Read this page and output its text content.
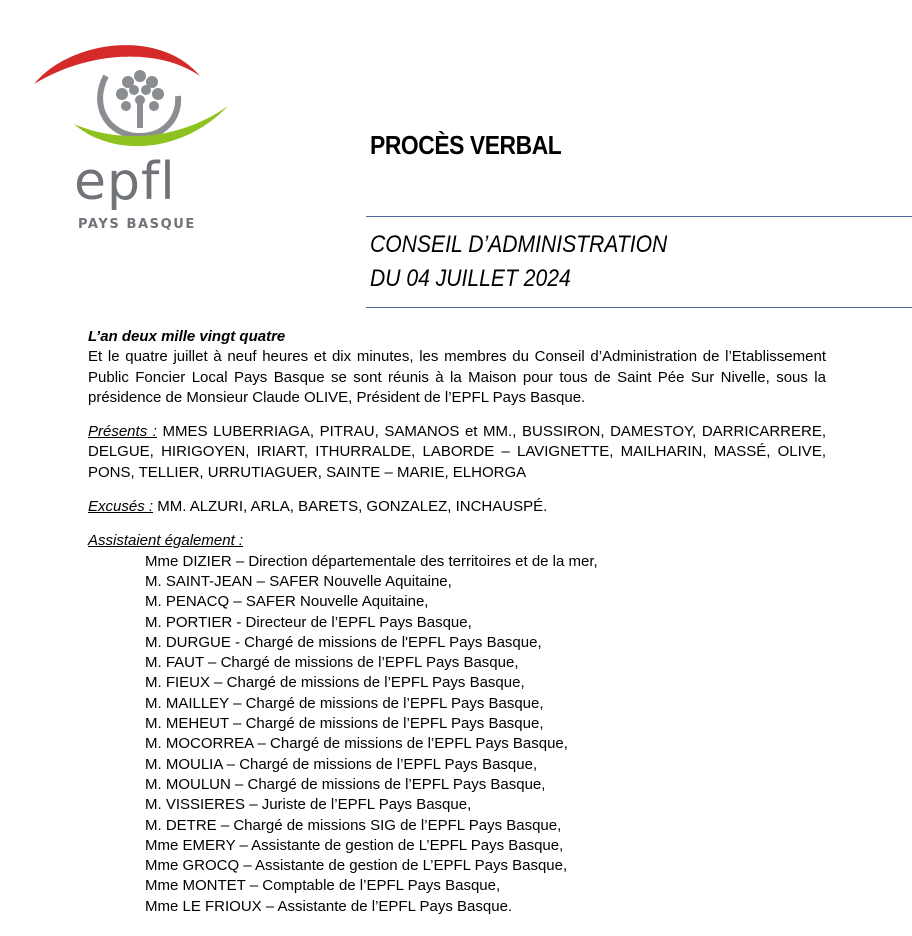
epfl
PAYS BASQUE
PROCÈS VERBAL
CONSEIL D’ADMINISTRATION
DU 04 JUILLET 2024

L’an deux mille vingt quatre

Et le quatre juillet à neuf heures et dix minutes, les membres du Conseil d’Administration de l’Etablissement Public Foncier Local Pays Basque se sont réunis à la Maison pour tous de Saint Pée Sur Nivelle, sous la présidence de Monsieur Claude OLIVE, Président de l’EPFL Pays Basque.

Présents : MMES LUBERRIAGA, PITRAU, SAMANOS et MM., BUSSIRON, DAMESTOY, DARRICARRERE, DELGUE, HIRIGOYEN, IRIART, ITHURRALDE, LABORDE – LAVIGNETTE, MAILHARIN, MASSÉ, OLIVE, PONS, TELLIER, URRUTIAGUER, SAINTE – MARIE, ELHORGA

Excusés : MM. ALZURI, ARLA, BARETS, GONZALEZ, INCHAUSPÉ.

Assistaient également :

Mme DIZIER – Direction départementale des territoires et de la mer,
M. SAINT-JEAN – SAFER Nouvelle Aquitaine,
M. PENACQ – SAFER Nouvelle Aquitaine,
M. PORTIER - Directeur de l’EPFL Pays Basque,
M. DURGUE - Chargé de missions de l'EPFL Pays Basque,
M. FAUT – Chargé de missions de l’EPFL Pays Basque,
M. FIEUX – Chargé de missions de l’EPFL Pays Basque,
M. MAILLEY – Chargé de missions de l’EPFL Pays Basque,
M. MEHEUT – Chargé de missions de l’EPFL Pays Basque,
M. MOCORREA – Chargé de missions de l’EPFL Pays Basque,
M. MOULIA – Chargé de missions de l’EPFL Pays Basque,
M. MOULUN – Chargé de missions de l’EPFL Pays Basque,
M. VISSIERES – Juriste de l’EPFL Pays Basque,
M. DETRE – Chargé de missions SIG de l’EPFL Pays Basque,
Mme EMERY – Assistante de gestion de L’EPFL Pays Basque,
Mme GROCQ – Assistante de gestion de L’EPFL Pays Basque,
Mme MONTET – Comptable de l’EPFL Pays Basque,
Mme LE FRIOUX – Assistante de l’EPFL Pays Basque.
